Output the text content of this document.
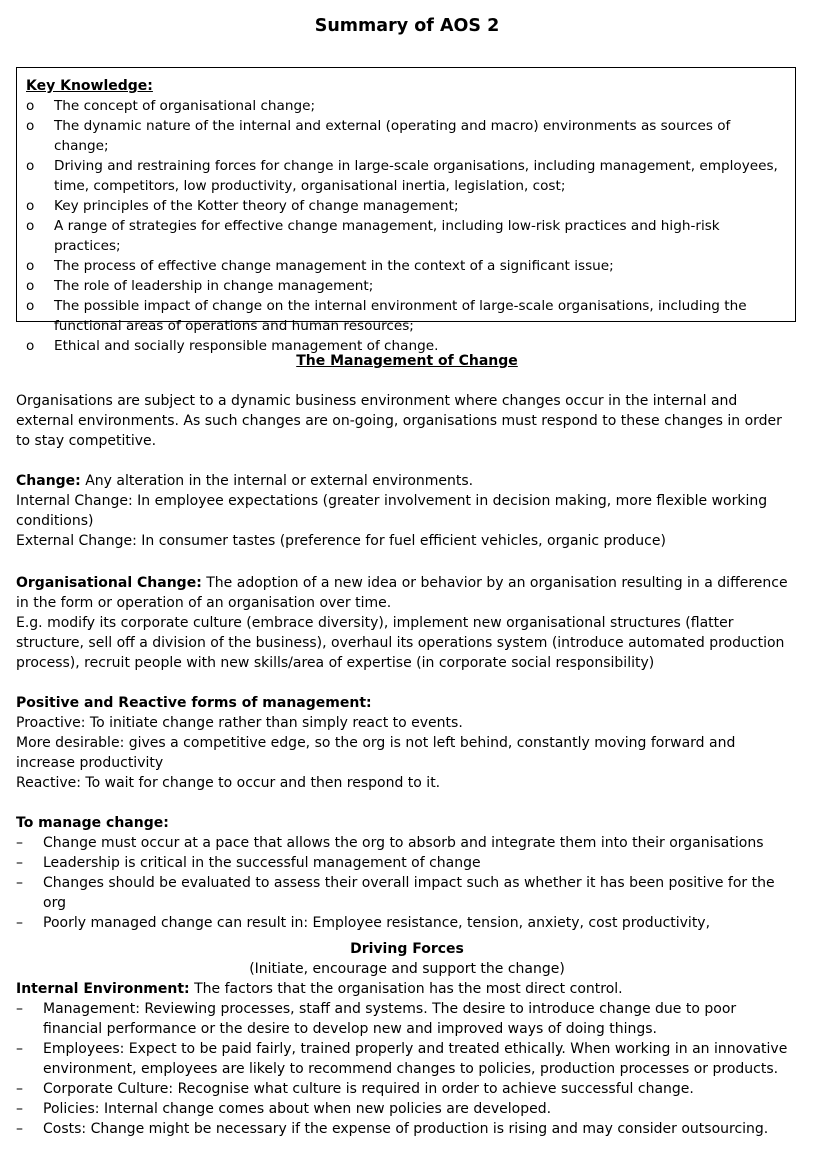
Summary of AOS 2
Key Knowledge:
o	The concept of organisational change;
o	The dynamic nature of the internal and external (operating and macro) environments as sources of change;
o	Driving and restraining forces for change in large-scale organisations, including management, employees, time, competitors, low productivity, organisational inertia, legislation, cost;
o	Key principles of the Kotter theory of change management;
o	A range of strategies for effective change management, including low-risk practices and high-risk practices;
o	The process of effective change management in the context of a significant issue;
o	The role of leadership in change management;
o	The possible impact of change on the internal environment of large-scale organisations, including the functional areas of operations and human resources;
o	Ethical and socially responsible management of change.
The Management of Change

Organisations are subject to a dynamic business environment where changes occur in the internal and external environments. As such changes are on-going, organisations must respond to these changes in order to stay competitive.

Change: Any alteration in the internal or external environments.

Internal Change: In employee expectations (greater involvement in decision making, more flexible working conditions)

External Change: In consumer tastes (preference for fuel efficient vehicles, organic produce)

Organisational Change: The adoption of a new idea or behavior by an organisation resulting in a difference in the form or operation of an organisation over time.

E.g. modify its corporate culture (embrace diversity), implement new organisational structures (flatter structure, sell off a division of the business), overhaul its operations system (introduce automated production process), recruit people with new skills/area of expertise (in corporate social responsibility)

Positive and Reactive forms of management:

Proactive: To initiate change rather than simply react to events.

More desirable: gives a competitive edge, so the org is not left behind, constantly moving forward and increase productivity

Reactive: To wait for change to occur and then respond to it.

To manage change:

–	Change must occur at a pace that allows the org to absorb and integrate them into their organisations
–	Leadership is critical in the successful management of change
–	Changes should be evaluated to assess their overall impact such as whether it has been positive for the org
–	Poorly managed change can result in: Employee resistance, tension, anxiety, cost productivity,
Driving Forces
(Initiate, encourage and support the change)

Internal Environment: The factors that the organisation has the most direct control.

–	Management: Reviewing processes, staff and systems. The desire to introduce change due to poor financial performance or the desire to develop new and improved ways of doing things.
–	Employees: Expect to be paid fairly, trained properly and treated ethically. When working in an innovative environment, employees are likely to recommend changes to policies, production processes or products.
–	Corporate Culture: Recognise what culture is required in order to achieve successful change.
–	Policies: Internal change comes about when new policies are developed.
–	Costs: Change might be necessary if the expense of production is rising and may consider outsourcing.
